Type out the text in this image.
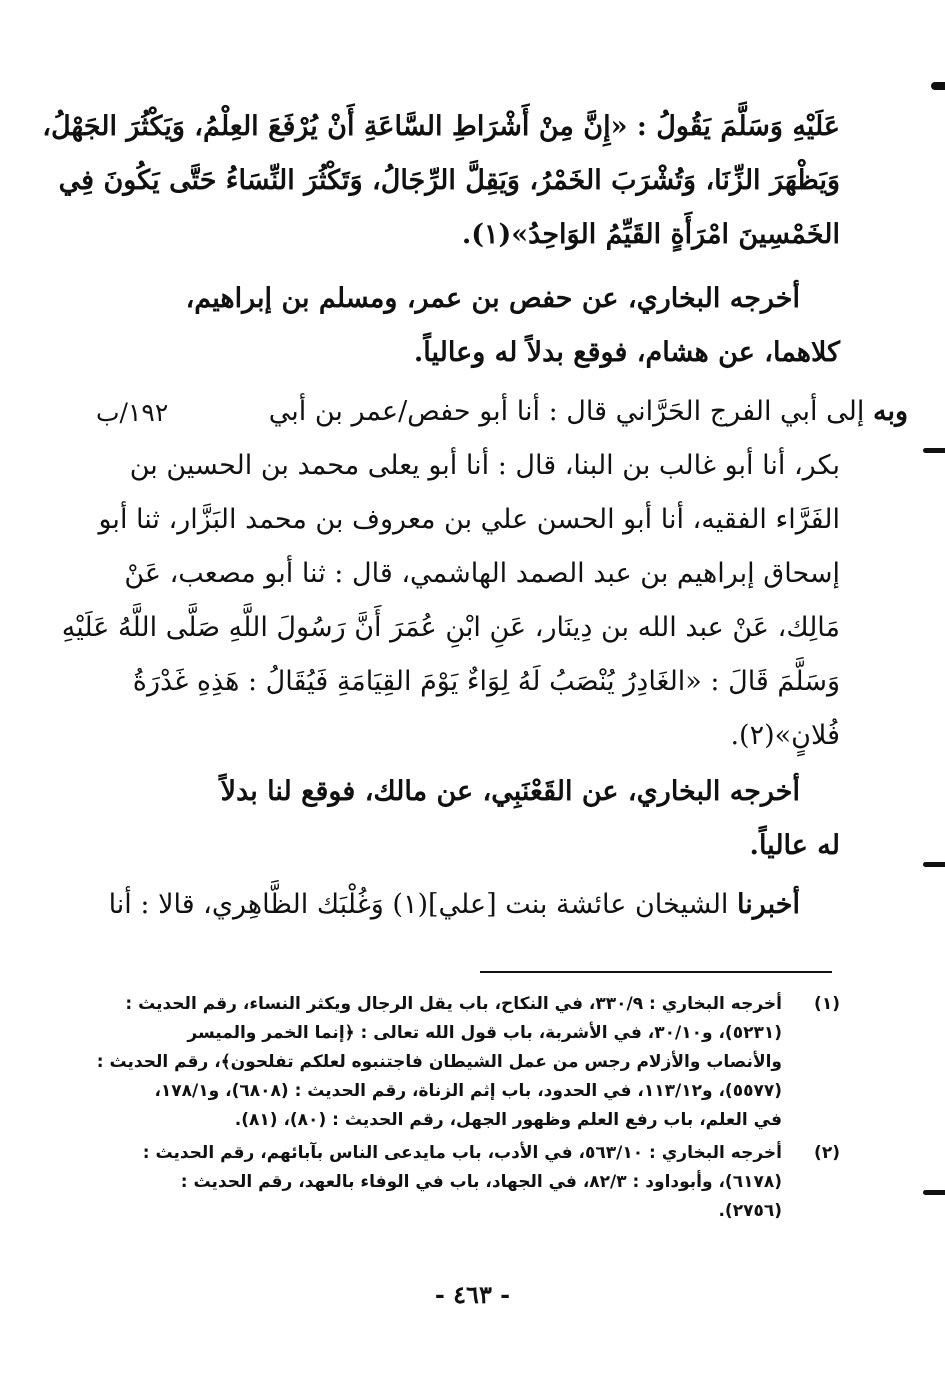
عَلَيْهِ وَسَلَّمَ يَقُولُ : «إِنَّ مِنْ أَشْرَاطِ السَّاعَةِ أَنْ يُرْفَعَ العِلْمُ، وَيَكْثُرَ الجَهْلُ،
وَيَظْهَرَ الزِّنَا، وَتُشْرَبَ الخَمْرُ، وَيَقِلَّ الرِّجَالُ، وَتَكْثُرَ النِّسَاءُ حَتَّى يَكُونَ فِي
الخَمْسِينَ امْرَأَةٍ القَيِّمُ الوَاحِدُ»(١).
أخرجه البخاري، عن حفص بن عمر، ومسلم بن إبراهيم،
كلاهما، عن هشام، فوقع بدلاً له وعالياً.
وبه إلى أبي الفرج الحَرَّاني قال : أنا أبو حفص/عمر بن أبي
بكر، أنا أبو غالب بن البنا، قال : أنا أبو يعلى محمد بن الحسين بن
الفَرَّاء الفقيه، أنا أبو الحسن علي بن معروف بن محمد البَزَّار، ثنا أبو
إسحاق إبراهيم بن عبد الصمد الهاشمي، قال : ثنا أبو مصعب، عَنْ
مَالِك، عَنْ عبد الله بن دِينَار، عَنِ ابْنِ عُمَرَ أَنَّ رَسُولَ اللَّهِ صَلَّى اللَّهُ عَلَيْهِ
وَسَلَّمَ قَالَ : «الغَادِرُ يُنْصَبُ لَهُ لِوَاءٌ يَوْمَ القِيَامَةِ فَيُقَالُ : هَذِهِ غَدْرَةُ
فُلانٍ»(٢).
١٩٢/ب
أخرجه البخاري، عن القَعْنَبِي، عن مالك، فوقع لنا بدلاً
له عالياً.
أخبرنا الشيخان عائشة بنت [علي](١) وَغُلْبَك الظَّاهِري، قالا : أنا
(١)
أخرجه البخاري : ٣٣٠/٩، في النكاح، باب يقل الرجال ويكثر النساء، رقم الحديث :
(٥٢٣١)، و٣٠/١٠، في الأشربة، باب قول الله تعالى : ﴿إنما الخمر والميسر
والأنصاب والأزلام رجس من عمل الشيطان فاجتنبوه لعلكم تفلحون﴾، رقم الحديث :
(٥٥٧٧)، و١١٣/١٢، في الحدود، باب إثم الزناة، رقم الحديث : (٦٨٠٨)، و١٧٨/١،
في العلم، باب رفع العلم وظهور الجهل، رقم الحديث : (٨٠)، (٨١).
(٢)
أخرجه البخاري : ٥٦٣/١٠، في الأدب، باب مايدعى الناس بآبائهم، رقم الحديث :
(٦١٧٨)، وأبوداود : ٨٢/٣، في الجهاد، باب في الوفاء بالعهد، رقم الحديث :
(٢٧٥٦).
- ٤٦٣ -
